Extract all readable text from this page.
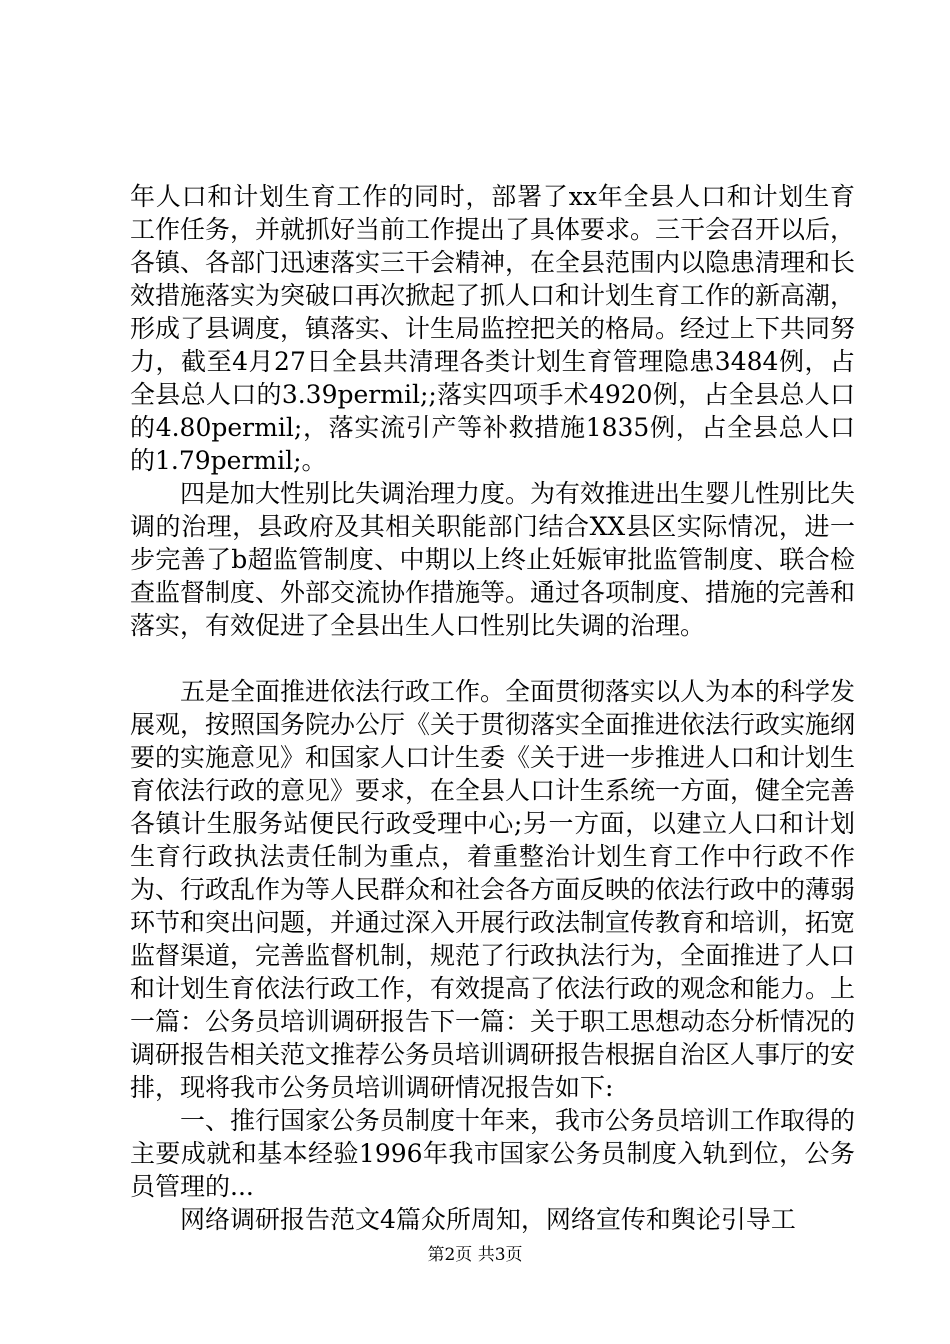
年人口和计划生育工作的同时，部署了xx年全县人口和计划生育工作任务，并就抓好当前工作提出了具体要求。三干会召开以后，各镇、各部门迅速落实三干会精神，在全县范围内以隐患清理和长效措施落实为突破口再次掀起了抓人口和计划生育工作的新高潮，形成了县调度，镇落实、计生局监控把关的格局。经过上下共同努力，截至4月27日全县共清理各类计划生育管理隐患3484例，占全县总人口的3.39permil;;落实四项手术4920例，占全县总人口的4.80permil;，落实流引产等补救措施1835例，占全县总人口的1.79permil;。

四是加大性别比失调治理力度。为有效推进出生婴儿性别比失调的治理，县政府及其相关职能部门结合XX县区实际情况，进一步完善了b超监管制度、中期以上终止妊娠审批监管制度、联合检查监督制度、外部交流协作措施等。通过各项制度、措施的完善和落实，有效促进了全县出生人口性别比失调的治理。

五是全面推进依法行政工作。全面贯彻落实以人为本的科学发展观，按照国务院办公厅《关于贯彻落实全面推进依法行政实施纲要的实施意见》和国家人口计生委《关于进一步推进人口和计划生育依法行政的意见》要求，在全县人口计生系统一方面，健全完善各镇计生服务站便民行政受理中心;另一方面，以建立人口和计划生育行政执法责任制为重点，着重整治计划生育工作中行政不作为、行政乱作为等人民群众和社会各方面反映的依法行政中的薄弱环节和突出问题，并通过深入开展行政法制宣传教育和培训，拓宽监督渠道，完善监督机制，规范了行政执法行为，全面推进了人口和计划生育依法行政工作，有效提高了依法行政的观念和能力。上一篇：公务员培训调研报告下一篇：关于职工思想动态分析情况的调研报告相关范文推荐公务员培训调研报告根据自治区人事厅的安排，现将我市公务员培训调研情况报告如下:

一、推行国家公务员制度十年来，我市公务员培训工作取得的主要成就和基本经验1996年我市国家公务员制度入轨到位，公务员管理的...

网络调研报告范文4篇众所周知，网络宣传和舆论引导工

第2页 共3页
